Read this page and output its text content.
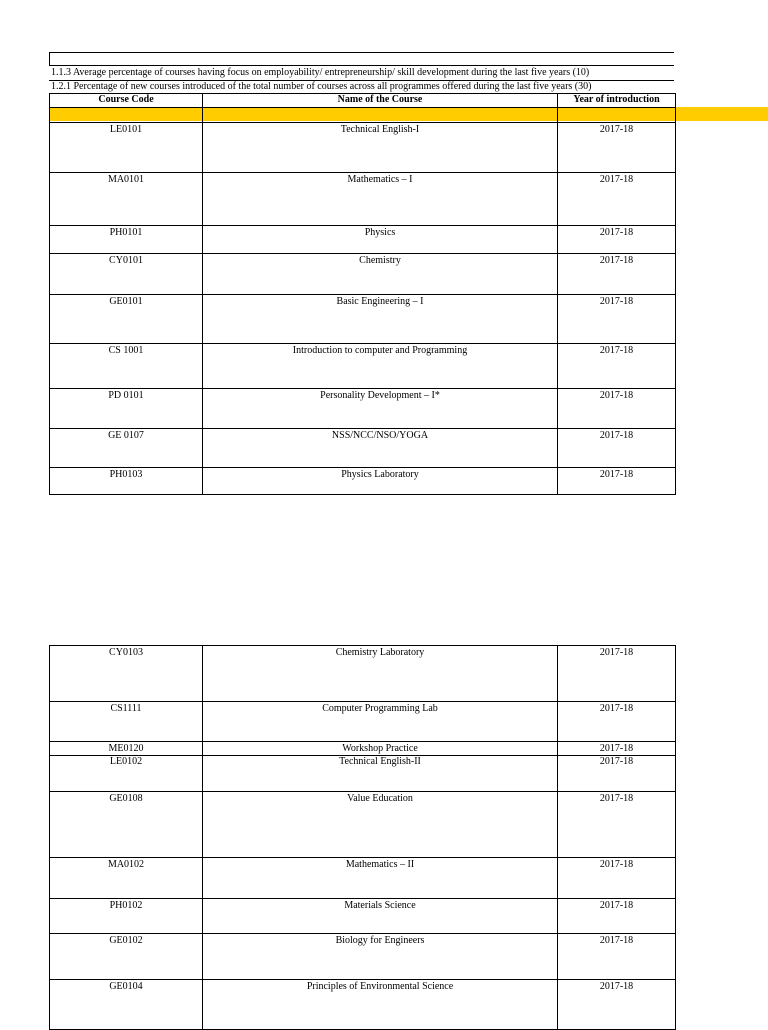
1.1.3 Average percentage of courses having focus on employability/ entrepreneurship/ skill development during the last five years (10)
1.2.1 Percentage of new courses introduced of the total number of courses across all programmes offered during the last five years (30)
Course Code	Name of the Course	Year of introduction

LE0101	Technical English-I	2017-18
MA0101	Mathematics – I	2017-18
PH0101	Physics	2017-18
CY0101	Chemistry	2017-18
GE0101	Basic Engineering – I	2017-18
CS 1001	Introduction to computer and Programming	2017-18
PD 0101	Personality Development – I*	2017-18
GE 0107	NSS/NCC/NSO/YOGA	2017-18
PH0103	Physics Laboratory	2017-18
CY0103	Chemistry Laboratory	2017-18
CS1111	Computer Programming Lab	2017-18
ME0120	Workshop Practice	2017-18
LE0102	Technical English-II	2017-18
GE0108	Value Education	2017-18
MA0102	Mathematics – II	2017-18
PH0102	Materials Science	2017-18
GE0102	Biology for Engineers	2017-18
GE0104	Principles of Environmental Science	2017-18
